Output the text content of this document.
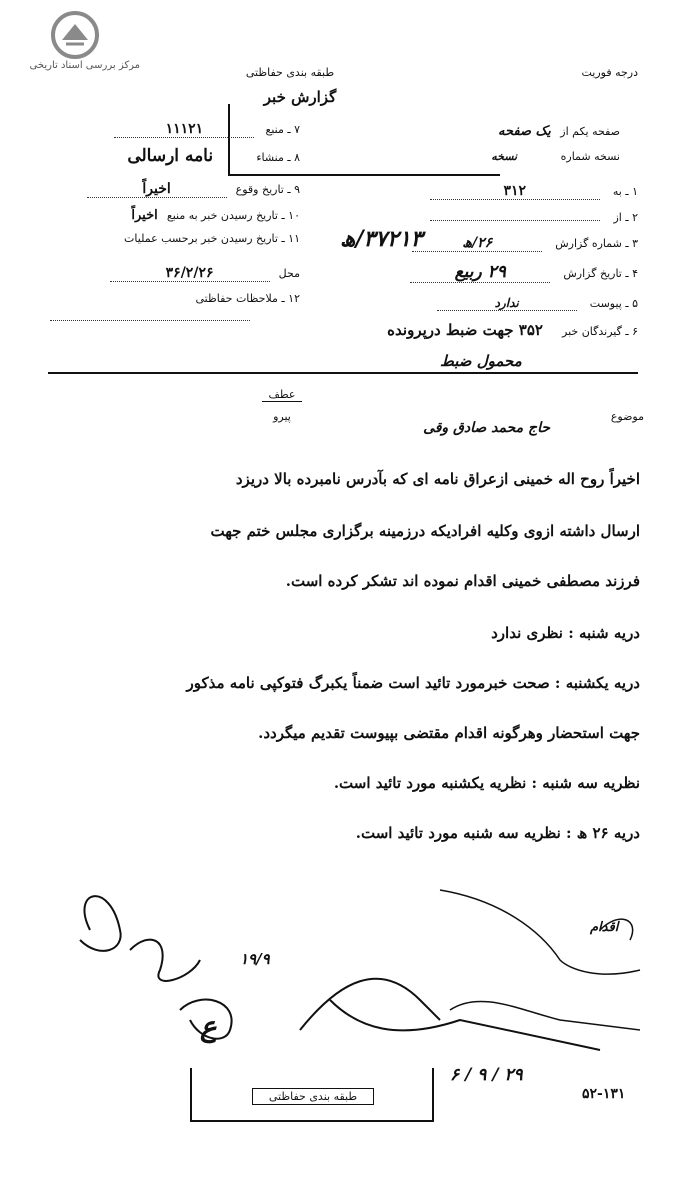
مرکز بررسی اسناد تاریخی
طبقه بندی حفاظتی
گزارش خبر
درجه فوریت
صفحه یکم از یک صفحه
نسخه شماره نسخه
۷ ـ منبع ۱۱۱۲۱
۸ ـ منشاء نامه ارسالی
۹ ـ تاریخ وقوع اخیراً
۱۰ ـ تاریخ رسیدن خبر به منبع اخیراً
۱۱ ـ تاریخ رسیدن خبر برحسب عملیات
محل ۳۶/۲/۲۶
۱۲ ـ ملاحظات حفاظتی
۱ ـ به ۳۱۲
۲ ـ از
۳ ـ شماره گزارش ۲۶/ھ
۴ ـ تاریخ گزارش ۲۹ ربیع
۵ ـ پیوست ندارد
۶ ـ گیرندگان خبر ۳۵۲ جهت ضبط درپرونده
۳۷۲۱۳/ھ
محمول ضبط
عطف
پیرو	موضوع
حاج محمد صادق وقی
اخیراً روح اله خمینی ازعراق نامه ای که بآدرس نامبرده بالا دریزد
ارسال داشته ازوی وکلیه افرادیکه درزمینه برگزاری مجلس ختم جهت
فرزند مصطفی خمینی اقدام نموده اند تشکر کرده است.
دریه شنبه : نظری ندارد
دریه یکشنبه : صحت خبرمورد تائید است ضمناً یکبرگ فتوکپی نامه مذکور
جهت استحضار وهرگونه اقدام مقتضی بپیوست تقدیم میگردد.
نظریه سه شنبه : نظریه یکشنبه مورد تائید است.
دریه ۲۶ ھ : نظریه سه شنبه مورد تائید است.
۱۹/۹
۲۹ / ۹ / ۶
اقدام
ع
طبقه بندی حفاظتی	۵۲-۱۳۱
